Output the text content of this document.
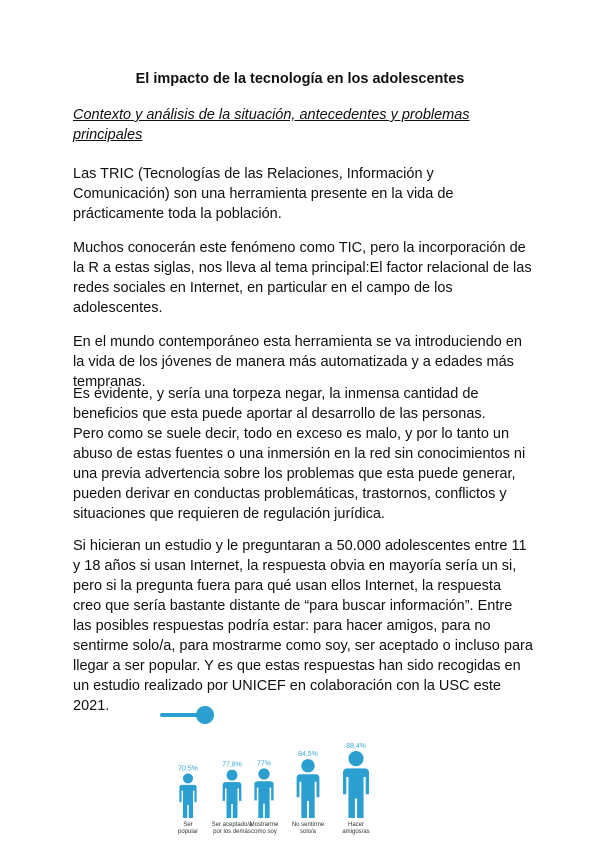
El impacto de la tecnología en los adolescentes

Contexto y análisis de la situación, antecedentes y problemas principales

Las TRIC (Tecnologías de las Relaciones, Información y Comunicación) son una herramienta presente en la vida de prácticamente toda la población.

Muchos conocerán este fenómeno como TIC, pero la incorporación de la R a estas siglas, nos lleva al tema principal:El factor relacional de las redes sociales en Internet, en particular en el campo de los adolescentes.

En el mundo contemporáneo esta herramienta se va introduciendo en la vida de los jóvenes de manera más automatizada y a edades más tempranas.

Es evidente, y sería una torpeza negar, la inmensa cantidad de beneficios que esta puede aportar al desarrollo de las personas.

Pero como se suele decir, todo en exceso es malo, y por lo tanto un abuso de estas fuentes o una inmersión en la red sin conocimientos ni una previa advertencia sobre los problemas que esta puede generar, pueden derivar en conductas problemáticas, trastornos, conflictos y situaciones que requieren de regulación jurídica.

Si hicieran un estudio y le preguntaran a 50.000 adolescentes entre 11 y 18 años si usan Internet, la respuesta obvia en mayoría sería un si, pero si la pregunta fuera para qué usan ellos Internet, la respuesta creo que sería bastante distante de “para buscar información”. Entre las posibles respuestas podría estar: para hacer amigos, para no sentirme solo/a, para mostrarme como soy, ser aceptado o incluso para llegar a ser popular. Y es que estas respuestas han sido recogidas en un estudio realizado por UNICEF en colaboración con la USC este 2021.

70,5%
Ser
popular
77,8%
Ser aceptado/a
por los demás
77%
Mostrarme
como soy
84,5%
No sentirme
solo/a
88,4%
Hacer
amigos/as
